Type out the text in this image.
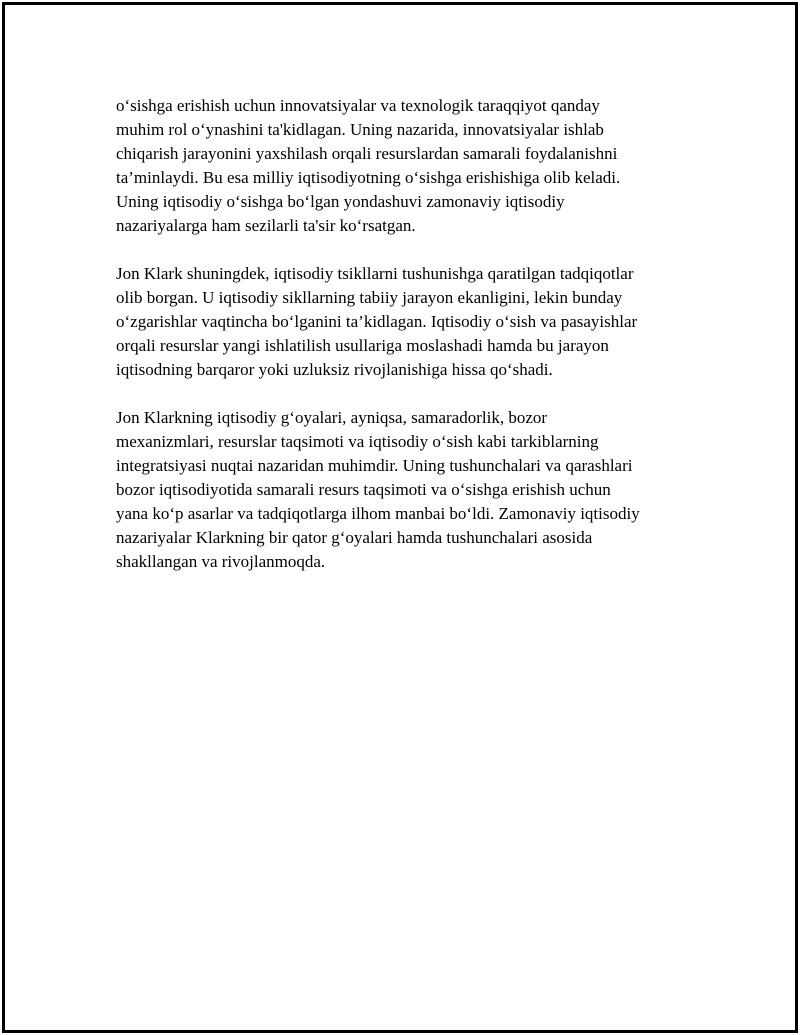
o‘sishga erishish uchun innovatsiyalar va texnologik taraqqiyot qanday
muhim rol o‘ynashini ta'kidlagan. Uning nazarida, innovatsiyalar ishlab
chiqarish jarayonini yaxshilash orqali resurslardan samarali foydalanishni
ta’minlaydi. Bu esa milliy iqtisodiyotning o‘sishga erishishiga olib keladi.
Uning iqtisodiy o‘sishga bo‘lgan yondashuvi zamonaviy iqtisodiy
nazariyalarga ham sezilarli ta'sir ko‘rsatgan.

Jon Klark shuningdek, iqtisodiy tsikllarni tushunishga qaratilgan tadqiqotlar
olib borgan. U iqtisodiy sikllarning tabiiy jarayon ekanligini, lekin bunday
o‘zgarishlar vaqtincha bo‘lganini ta’kidlagan. Iqtisodiy o‘sish va pasayishlar
orqali resurslar yangi ishlatilish usullariga moslashadi hamda bu jarayon
iqtisodning barqaror yoki uzluksiz rivojlanishiga hissa qo‘shadi.

Jon Klarkning iqtisodiy g‘oyalari, ayniqsa, samaradorlik, bozor
mexanizmlari, resurslar taqsimoti va iqtisodiy o‘sish kabi tarkiblarning
integratsiyasi nuqtai nazaridan muhimdir. Uning tushunchalari va qarashlari
bozor iqtisodiyotida samarali resurs taqsimoti va o‘sishga erishish uchun
yana ko‘p asarlar va tadqiqotlarga ilhom manbai bo‘ldi. Zamonaviy iqtisodiy
nazariyalar Klarkning bir qator g‘oyalari hamda tushunchalari asosida
shakllangan va rivojlanmoqda.
